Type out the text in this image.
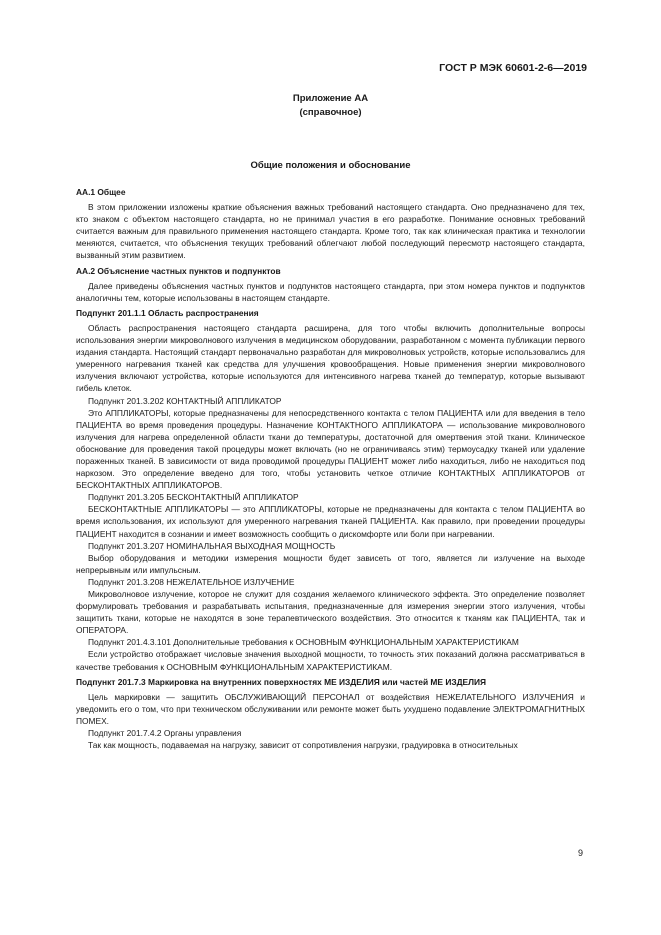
ГОСТ Р МЭК 60601-2-6—2019
Приложение АА
(справочное)
Общие положения и обоснование

АА.1 Общее

В этом приложении изложены краткие объяснения важных требований настоящего стандарта. Оно предназначено для тех, кто знаком с объектом настоящего стандарта, но не принимал участия в его разработке. Понимание основных требований считается важным для правильного применения настоящего стандарта. Кроме того, так как клиническая практика и технологии меняются, считается, что объяснения текущих требований облегчают любой последующий пересмотр настоящего стандарта, вызванный этим развитием.

АА.2 Объяснение частных пунктов и подпунктов

Далее приведены объяснения частных пунктов и подпунктов настоящего стандарта, при этом номера пунктов и подпунктов аналогичны тем, которые использованы в настоящем стандарте.

Подпункт 201.1.1 Область распространения

Область распространения настоящего стандарта расширена, для того чтобы включить дополнительные вопросы использования энергии микроволнового излучения в медицинском оборудовании, разработанном с момента публикации первого издания стандарта. Настоящий стандарт первоначально разработан для микроволновых устройств, которые использовались для умеренного нагревания тканей как средства для улучшения кровообращения. Новые применения энергии микроволнового излучения включают устройства, которые используются для интенсивного нагрева тканей до температур, которые вызывают гибель клеток.

Подпункт 201.3.202 КОНТАКТНЫЙ АППЛИКАТОР

Это АППЛИКАТОРЫ, которые предназначены для непосредственного контакта с телом ПАЦИЕНТА или для введения в тело ПАЦИЕНТА во время проведения процедуры. Назначение КОНТАКТНОГО АППЛИКАТОРА — использование микроволнового излучения для нагрева определенной области ткани до температуры, достаточной для омертвения этой ткани. Клиническое обоснование для проведения такой процедуры может включать (но не ограничиваясь этим) термоусадку тканей или удаление пораженных тканей. В зависимости от вида проводимой процедуры ПАЦИЕНТ может либо находиться, либо не находиться под наркозом. Это определение введено для того, чтобы установить четкое отличие КОНТАКТНЫХ АППЛИКАТОРОВ от БЕСКОНТАКТНЫХ АППЛИКАТОРОВ.

Подпункт 201.3.205 БЕСКОНТАКТНЫЙ АППЛИКАТОР

БЕСКОНТАКТНЫЕ АППЛИКАТОРЫ — это АППЛИКАТОРЫ, которые не предназначены для контакта с телом ПАЦИЕНТА во время использования, их используют для умеренного нагревания тканей ПАЦИЕНТА. Как правило, при проведении процедуры ПАЦИЕНТ находится в сознании и имеет возможность сообщить о дискомфорте или боли при нагревании.

Подпункт 201.3.207 НОМИНАЛЬНАЯ ВЫХОДНАЯ МОЩНОСТЬ

Выбор оборудования и методики измерения мощности будет зависеть от того, является ли излучение на выходе непрерывным или импульсным.

Подпункт 201.3.208 НЕЖЕЛАТЕЛЬНОЕ ИЗЛУЧЕНИЕ

Микроволновое излучение, которое не служит для создания желаемого клинического эффекта. Это определение позволяет формулировать требования и разрабатывать испытания, предназначенные для измерения энергии этого излучения, чтобы защитить ткани, которые не находятся в зоне терапевтического воздействия. Это относится к тканям как ПАЦИЕНТА, так и ОПЕРАТОРА.

Подпункт 201.4.3.101 Дополнительные требования к ОСНОВНЫМ ФУНКЦИОНАЛЬНЫМ ХАРАКТЕРИСТИКАМ

Если устройство отображает числовые значения выходной мощности, то точность этих показаний должна рассматриваться в качестве требования к ОСНОВНЫМ ФУНКЦИОНАЛЬНЫМ ХАРАКТЕРИСТИКАМ.

Подпункт 201.7.3 Маркировка на внутренних поверхностях МЕ ИЗДЕЛИЯ или частей МЕ ИЗДЕЛИЯ

Цель маркировки — защитить ОБСЛУЖИВАЮЩИЙ ПЕРСОНАЛ от воздействия НЕЖЕЛАТЕЛЬНОГО ИЗЛУЧЕНИЯ и уведомить его о том, что при техническом обслуживании или ремонте может быть ухудшено подавление ЭЛЕКТРОМАГНИТНЫХ ПОМЕХ.

Подпункт 201.7.4.2 Органы управления

Так как мощность, подаваемая на нагрузку, зависит от сопротивления нагрузки, градуировка в относительных

9
